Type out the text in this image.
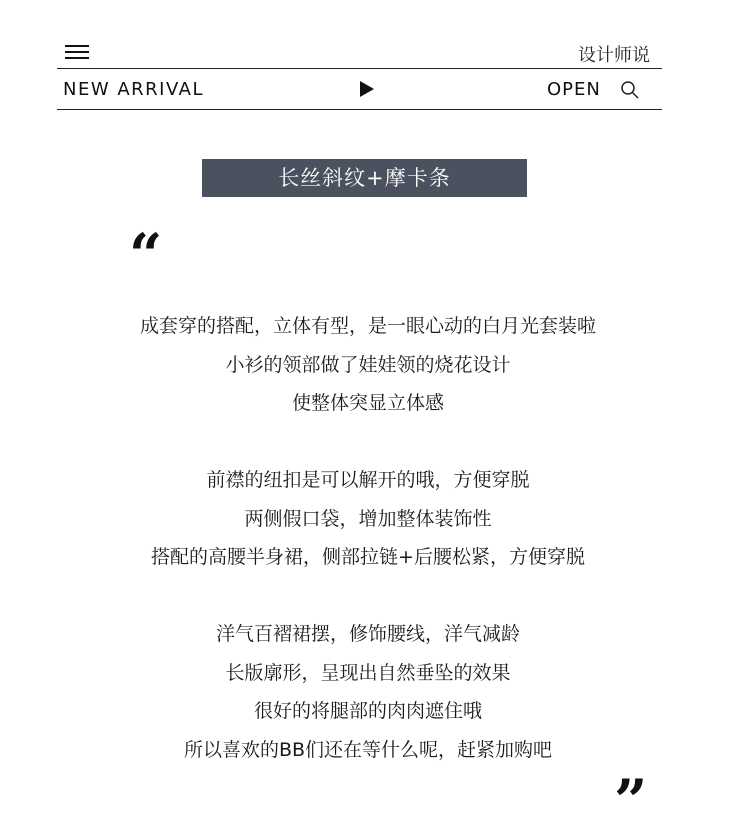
设计师说
NEW ARRIVAL	OPEN
长丝斜纹+摩卡条
“
成套穿的搭配，立体有型，是一眼心动的白月光套装啦
小衫的领部做了娃娃领的烧花设计
使整体突显立体感
前襟的纽扣是可以解开的哦，方便穿脱
两侧假口袋，增加整体装饰性
搭配的高腰半身裙，侧部拉链+后腰松紧，方便穿脱
洋气百褶裙摆，修饰腰线，洋气减龄
长版廓形，呈现出自然垂坠的效果
很好的将腿部的肉肉遮住哦
所以喜欢的BB们还在等什么呢，赶紧加购吧
”
